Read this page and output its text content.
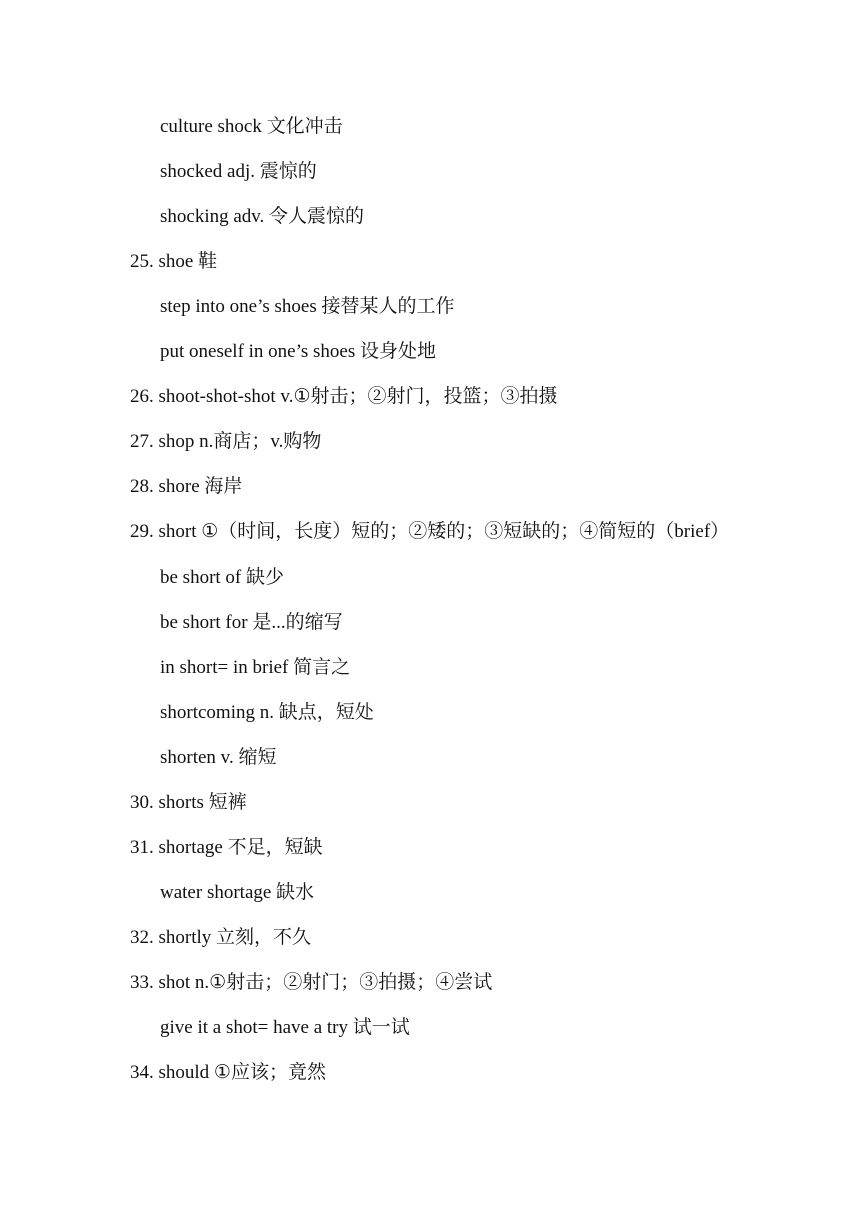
culture shock 文化冲击
shocked adj. 震惊的
shocking adv. 令人震惊的
25. shoe 鞋
step into one’s shoes 接替某人的工作
put oneself in one’s shoes 设身处地
26. shoot-shot-shot v.①射击；②射门，投篮；③拍摄
27. shop n.商店；v.购物
28. shore 海岸
29. short ①（时间，长度）短的；②矮的；③短缺的；④简短的（brief）
be short of 缺少
be short for 是...的缩写
in short= in brief 简言之
shortcoming n. 缺点，短处
shorten v. 缩短
30. shorts 短裤
31. shortage 不足，短缺
water shortage 缺水
32. shortly 立刻，不久
33. shot n.①射击；②射门；③拍摄；④尝试
give it a shot= have a try 试一试
34. should ①应该；竟然
